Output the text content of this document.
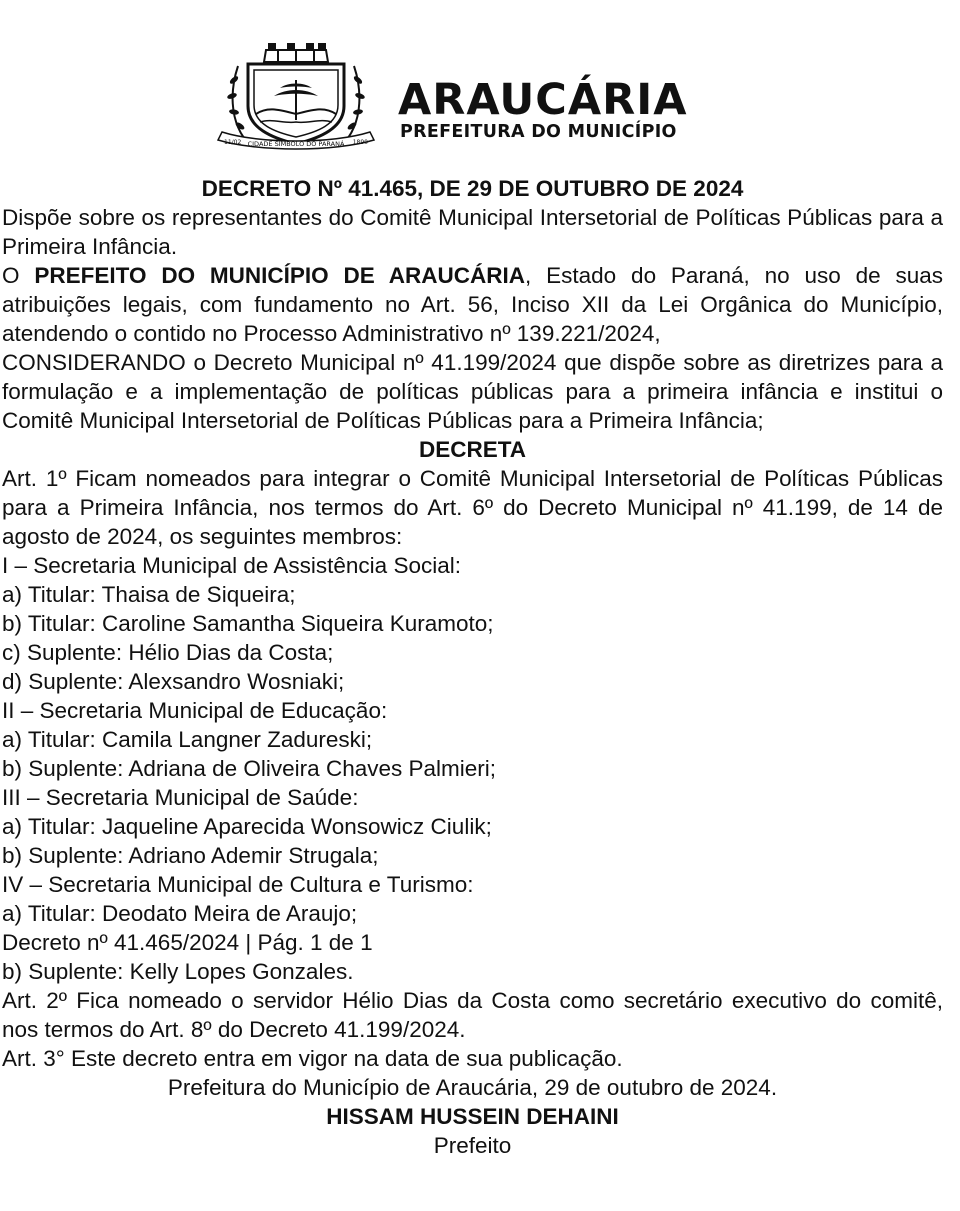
11/02 CIDADE SÍMBOLO DO PARANÁ 1890
ARAUCÁRIA
PREFEITURA DO MUNICÍPIO

DECRETO Nº 41.465, DE 29 DE OUTUBRO DE 2024

Dispõe sobre os representantes do Comitê Municipal Intersetorial de Políticas Públicas para a Primeira Infância.

O PREFEITO DO MUNICÍPIO DE ARAUCÁRIA, Estado do Paraná, no uso de suas atribuições legais, com fundamento no Art. 56, Inciso XII da Lei Orgânica do Município, atendendo o contido no Processo Administrativo nº 139.221/2024,

CONSIDERANDO o Decreto Municipal nº 41.199/2024 que dispõe sobre as diretrizes para a formulação e a implementação de políticas públicas para a primeira infância e institui o Comitê Municipal Intersetorial de Políticas Públicas para a Primeira Infância;

DECRETA

Art. 1º Ficam nomeados para integrar o Comitê Municipal Intersetorial de Políticas Públicas para a Primeira Infância, nos termos do Art. 6º do Decreto Municipal nº 41.199, de 14 de agosto de 2024, os seguintes membros:

I – Secretaria Municipal de Assistência Social:

a) Titular: Thaisa de Siqueira;

b) Titular: Caroline Samantha Siqueira Kuramoto;

c) Suplente: Hélio Dias da Costa;

d) Suplente: Alexsandro Wosniaki;

II – Secretaria Municipal de Educação:

a) Titular: Camila Langner Zadureski;

b) Suplente: Adriana de Oliveira Chaves Palmieri;

III – Secretaria Municipal de Saúde:

a) Titular: Jaqueline Aparecida Wonsowicz Ciulik;

b) Suplente: Adriano Ademir Strugala;

IV – Secretaria Municipal de Cultura e Turismo:

a) Titular: Deodato Meira de Araujo;

Decreto nº 41.465/2024 | Pág. 1 de 1

b) Suplente: Kelly Lopes Gonzales.

Art. 2º Fica nomeado o servidor Hélio Dias da Costa como secretário executivo do comitê, nos termos do Art. 8º do Decreto 41.199/2024.

Art. 3° Este decreto entra em vigor na data de sua publicação.

Prefeitura do Município de Araucária, 29 de outubro de 2024.

HISSAM HUSSEIN DEHAINI

Prefeito
